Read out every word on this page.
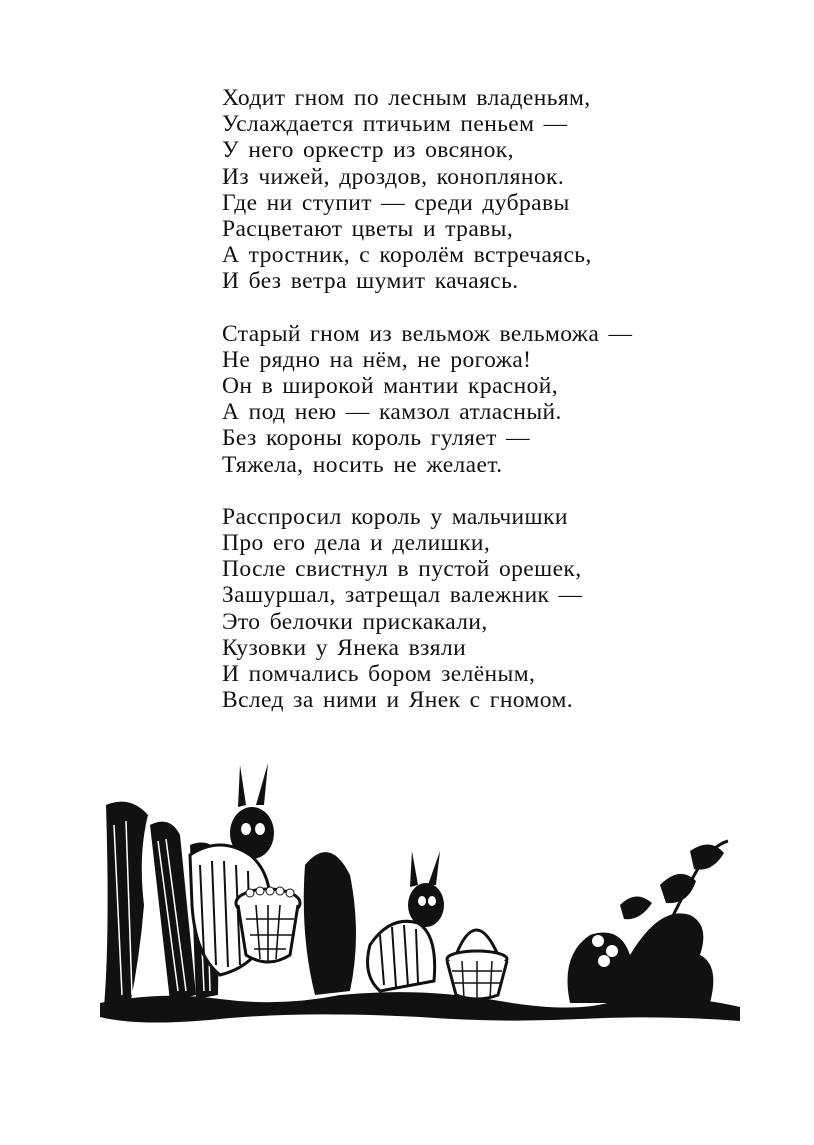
Ходит гном по лесным владеньям,
Услаждается птичьим пеньем —
У него оркестр из овсянок,
Из чижей, дроздов, коноплянок.
Где ни ступит — среди дубравы
Расцветают цветы и травы,
А тростник, с королём встречаясь,
И без ветра шумит качаясь.
Старый гном из вельмож вельможа —
Не рядно на нём, не рогожа!
Он в широкой мантии красной,
А под нею — камзол атласный.
Без короны король гуляет —
Тяжела, носить не желает.
Расспросил король у мальчишки
Про его дела и делишки,
После свистнул в пустой орешек,
Зашуршал, затрещал валежник —
Это белочки прискакали,
Кузовки у Янека взяли
И помчались бором зелёным,
Вслед за ними и Янек с гномом.
